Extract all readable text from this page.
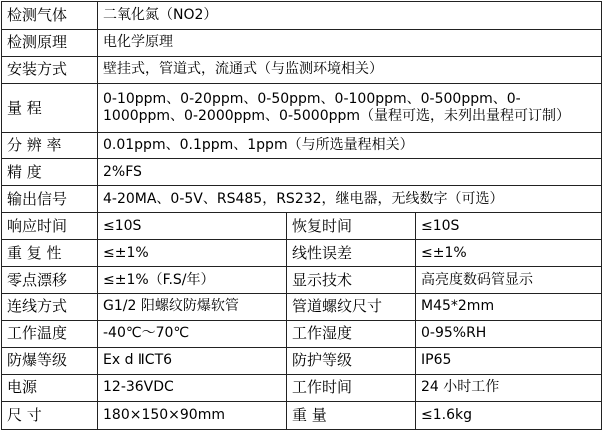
检测气体	二氧化氮（NO2）		
检测原理	电化学原理		
安装方式	壁挂式，管道式，流通式（与监测环境相关）		
量 程	0-10ppm、0-20ppm、0-50ppm、0-100ppm、0-500ppm、0-1000ppm、0-2000ppm、0-5000ppm（量程可选，未列出量程可订制）		
分 辨 率	0.01ppm、0.1ppm、1ppm（与所选量程相关）		
精 度	2%FS		
输出信号	4-20MA、0-5V、RS485，RS232，继电器，无线数字（可选）		
响应时间	≤10S	恢复时间	≤10S
重 复 性	≤±1%	线性误差	≤±1%
零点漂移	≤±1%（F.S/年）	显示技术	高亮度数码管显示
连线方式	G1/2 阳螺纹防爆软管	管道螺纹尺寸	M45*2mm
工作温度	-40℃～70℃	工作湿度	0-95%RH
防爆等级	Ex d ⅡCT6	防护等级	IP65
电源	12-36VDC	工作时间	24 小时工作
尺 寸	180×150×90mm	重 量	≤1.6kg
